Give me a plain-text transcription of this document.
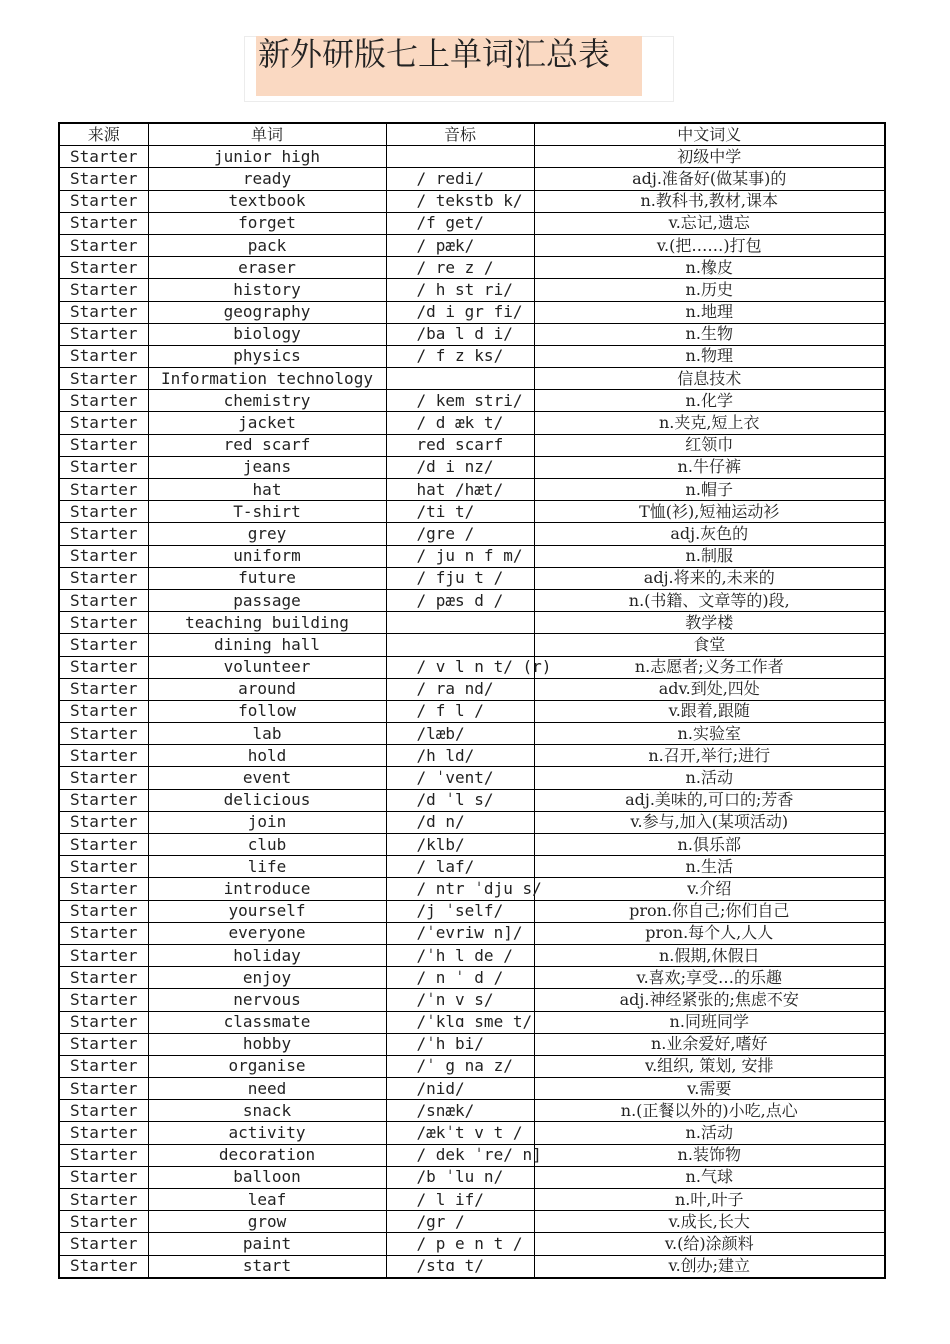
新外研版七上单词汇总表
来源	单词	音标	中文词义
Starter	junior high		初级中学
Starter	ready	/ redi/	adj.准备好(做某事)的
Starter	textbook	/ tekstb k/	n.教科书,教材,课本
Starter	forget	/f get/	v.忘记,遗忘
Starter	pack	/ pæk/	v.(把……)打包
Starter	eraser	/ re z /	n.橡皮
Starter	history	/ h st ri/	n.历史
Starter	geography	/d i gr fi/	n.地理
Starter	biology	/ba l d i/	n.生物
Starter	physics	/ f z ks/	n.物理
Starter	Information technology		信息技术
Starter	chemistry	/ kem stri/	n.化学
Starter	jacket	/ d æk t/	n.夹克,短上衣
Starter	red scarf	red scarf	红领巾
Starter	jeans	/d i nz/	n.牛仔裤
Starter	hat	hat /hæt/	n.帽子
Starter	T-shirt	/ti t/	T恤(衫),短袖运动衫
Starter	grey	/gre /	adj.灰色的
Starter	uniform	/ ju n f m/	n.制服
Starter	future	/ fju t /	adj.将来的,未来的
Starter	passage	/ pæs d /	n.(书籍、文章等的)段,
Starter	teaching building		教学楼
Starter	dining hall		食堂
Starter	volunteer	/ v l n t/ (r)	n.志愿者;义务工作者
Starter	around	/ ra nd/	adv.到处,四处
Starter	follow	/ f l /	v.跟着,跟随
Starter	lab	/læb/	n.实验室
Starter	hold	/h ld/	n.召开,举行;进行
Starter	event	/ ˈvent/	n.活动
Starter	delicious	/d ˈl s/	adj.美味的,可口的;芳香
Starter	join	/d n/	v.参与,加入(某项活动)
Starter	club	/klb/	n.俱乐部
Starter	life	/ laf/	n.生活
Starter	introduce	/ ntr ˈdju s/	v.介绍
Starter	yourself	/j ˈself/	pron.你自己;你们自己
Starter	everyone	/ˈevriw n]/	pron.每个人,人人
Starter	holiday	/ˈh l de /	n.假期,休假日
Starter	enjoy	/ n ˈ d /	v.喜欢;享受…的乐趣
Starter	nervous	/ˈn v s/	adj.神经紧张的;焦虑不安
Starter	classmate	/ˈklɑ sme t/	n.同班同学
Starter	hobby	/ˈh bi/	n.业余爱好,嗜好
Starter	organise	/ˈ g na z/	v.组织, 策划, 安排
Starter	need	/nid/	v.需要
Starter	snack	/snæk/	n.(正餐以外的)小吃,点心
Starter	activity	/ækˈt v t /	n.活动
Starter	decoration	/ dek ˈre/ n]	n.装饰物
Starter	balloon	/b ˈlu n/	n.气球
Starter	leaf	/ l if/	n.叶,叶子
Starter	grow	/gr /	v.成长,长大
Starter	paint	/ p e n t /	v.(给)涂颜料
Starter	start	/stɑ t/	v.创办;建立
